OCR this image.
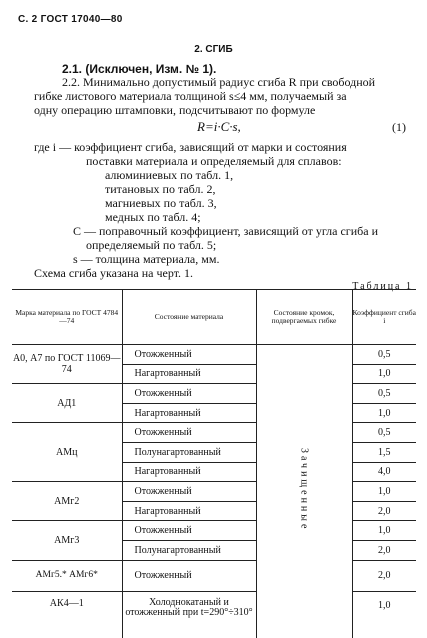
С. 2 ГОСТ 17040—80
2. СГИБ
2.1. (Исключен, Изм. № 1).
2.2. Минимально допустимый радиус сгиба R при свободной
гибке листового материала толщиной s≤4 мм, получаемый за
одну операцию штамповки, подсчитывают по формуле
R=i·C·s,	(1)
где i — коэффициент сгиба, зависящий от марки и состояния
поставки материала и определяемый для сплавов:
алюминиевых по табл. 1,
титановых по табл. 2,
магниевых по табл. 3,
медных по табл. 4;
C — поправочный коэффициент, зависящий от угла сгиба и
определяемый по табл. 5;
s — толщина материала, мм.
Схема сгиба указана на черт. 1.
Таблица 1
Марка материала по ГОСТ 4784—74	Состояние материала	Состояние кромок, подвергаемых гибке	Коэффициент сгиба i
А0, А7 по ГОСТ 11069—74	Отожженный	Зачищенные	0,5
	Нагартованный		1,0
АД1	Отожженный		0,5
	Нагартованный		1,0
АМц	Отожженный		0,5
	Полунагартованный		1,5
	Нагартованный		4,0
АМг2	Отожженный		1,0
	Нагартованный		2,0
АМг3	Отожженный		1,0
	Полунагартованный		2,0
АМг5.* АМг6*	Отожженный		2,0
АК4—1	Холоднокатаный и отожженный при t=290°÷310°		1,0
